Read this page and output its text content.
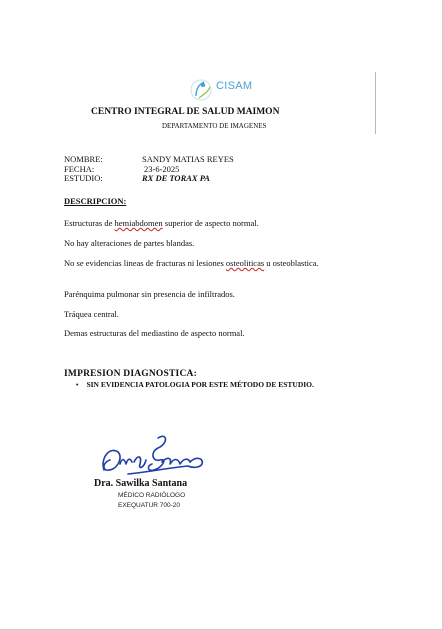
CISAM
CENTRO INTEGRAL DE SALUD MAIMON
DEPARTAMENTO DE IMAGENES
NOMBRE:	SANDY MATIAS REYES
FECHA:	23-6-2025
ESTUDIO:	RX DE TORAX PA
DESCRIPCION:
Estructuras de hemiabdomen superior de aspecto normal.
No hay alteraciones de partes blandas.
No se evidencias lineas de fracturas ni lesiones osteoliticas u osteoblastica.
Parénquima pulmonar sin presencia de infiltrados.
Tráquea central.
Demas estructuras del mediastino de aspecto normal.
IMPRESION DIAGNOSTICA:
• SIN EVIDENCIA PATOLOGIA POR ESTE MÉTODO DE ESTUDIO.
Dra. Sawilka Santana
MÉDICO RADIÓLOGO
EXEQUATUR 700-20
